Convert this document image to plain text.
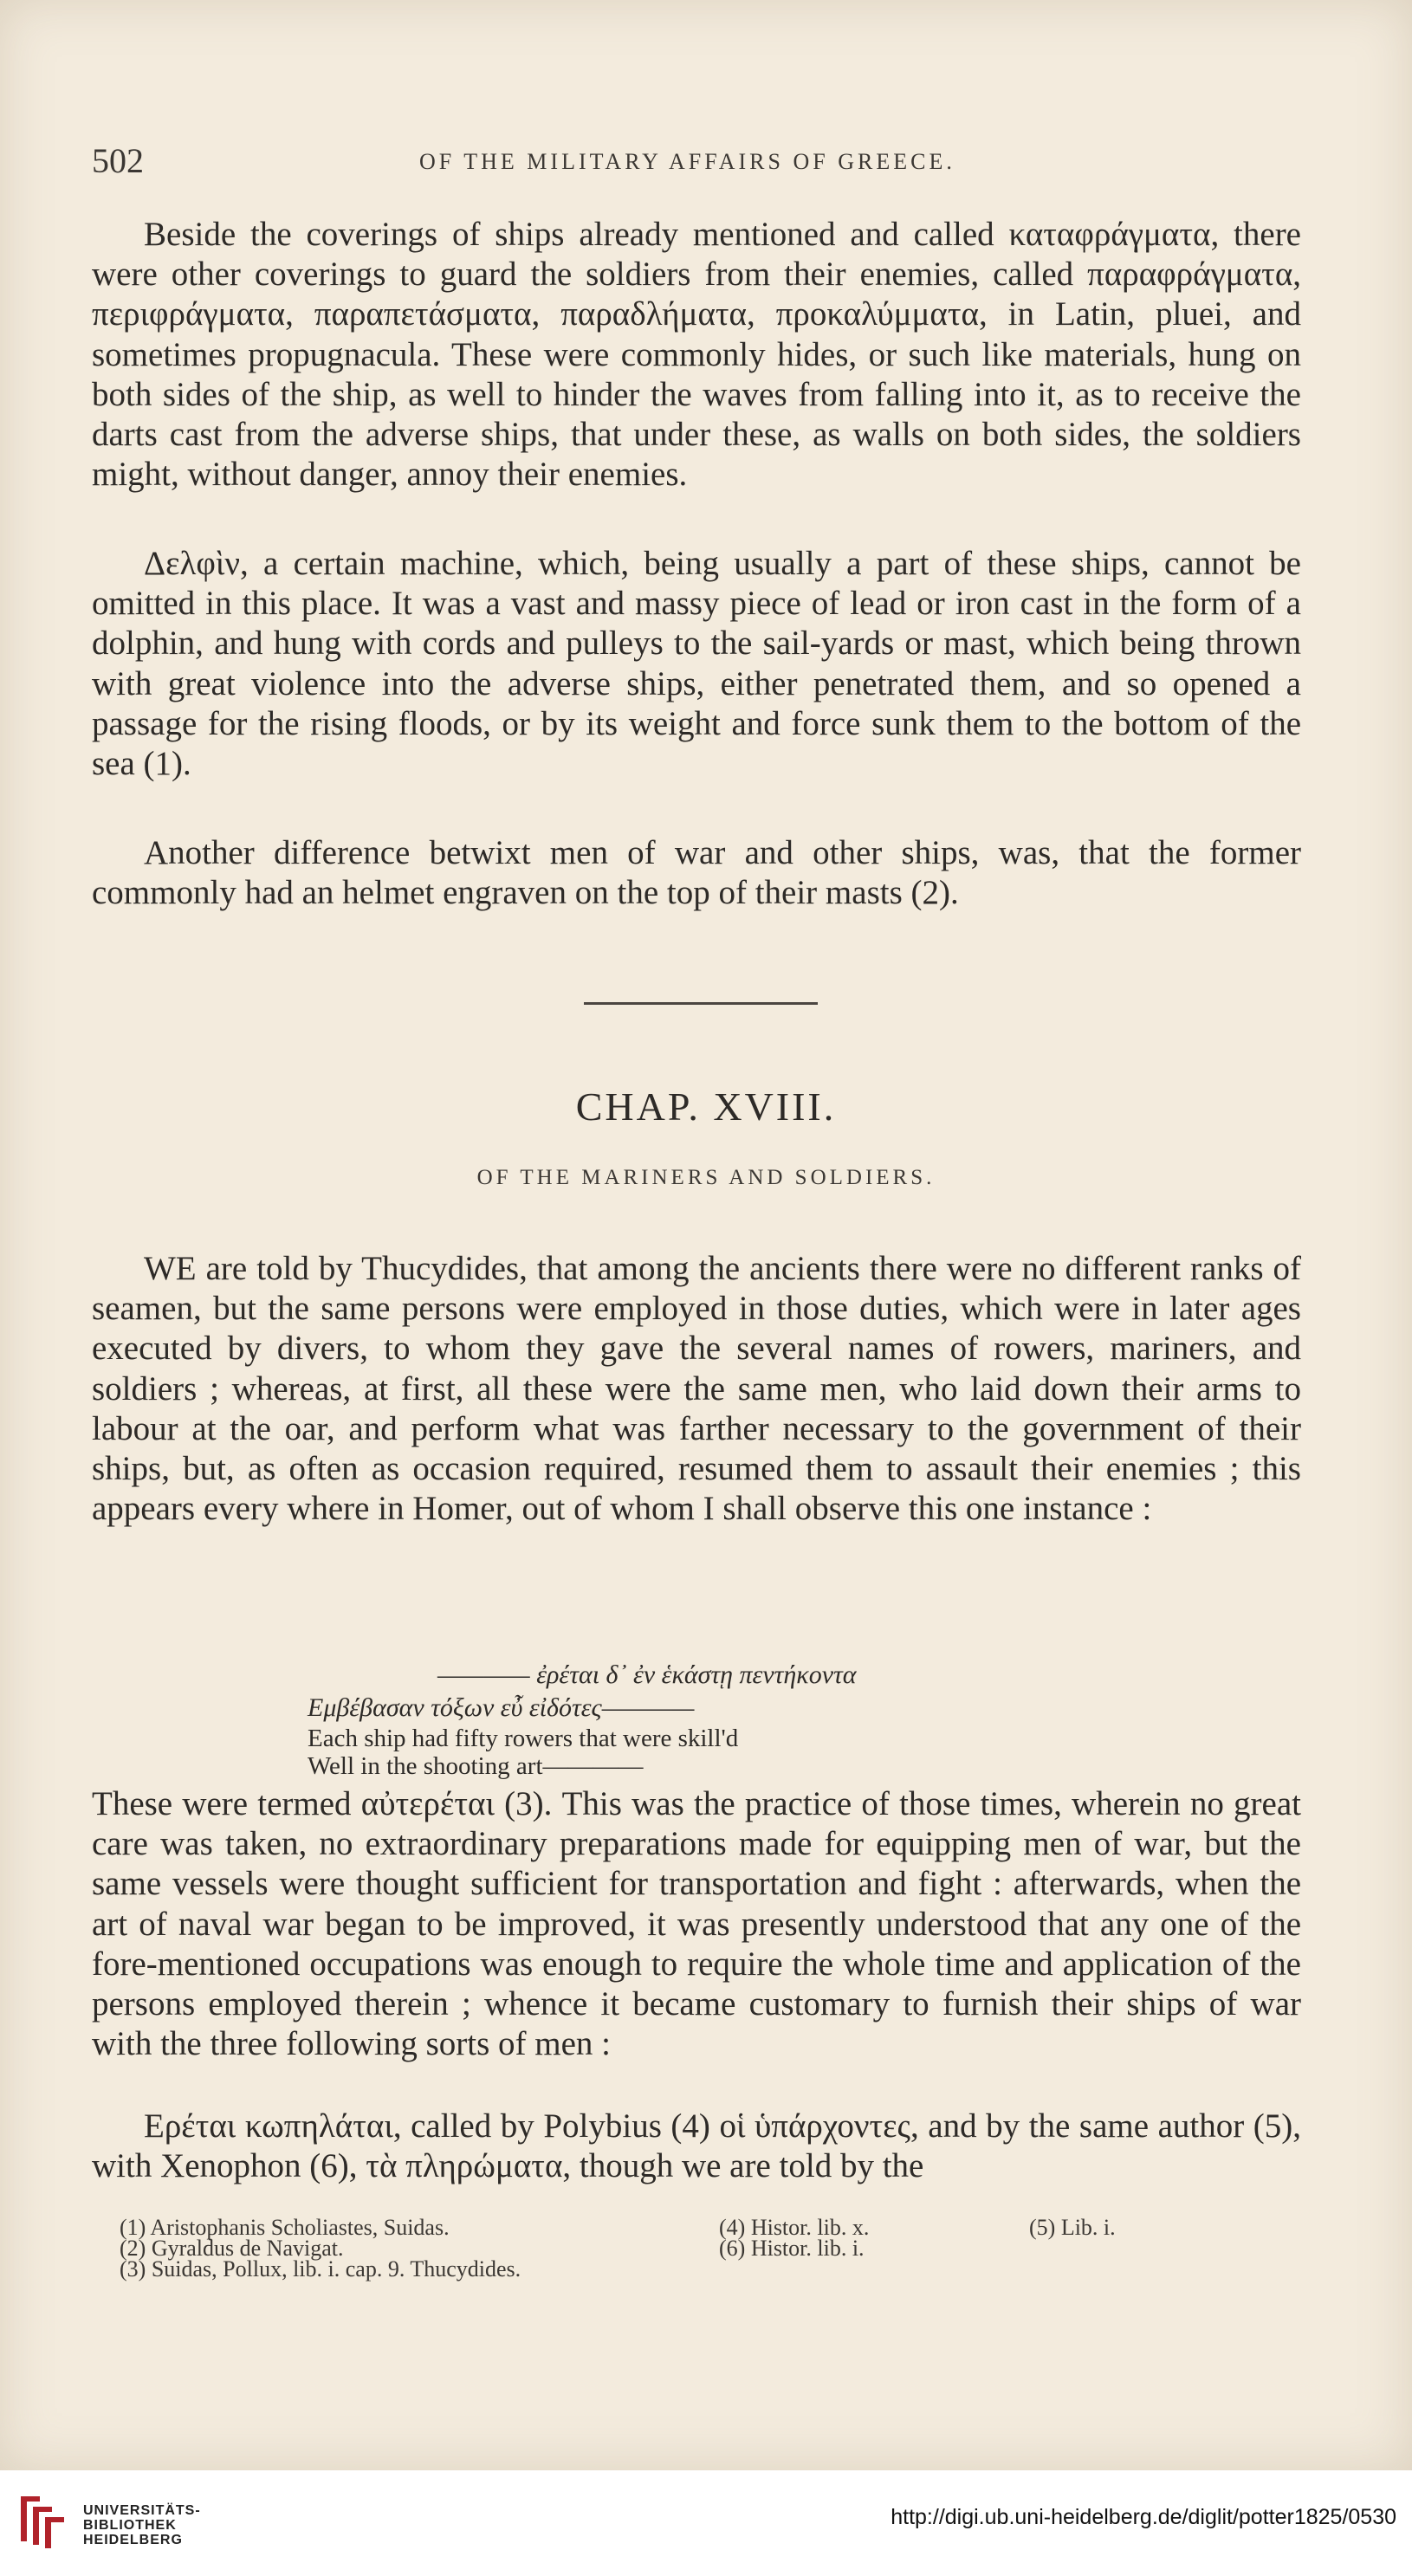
502	OF THE MILITARY AFFAIRS OF GREECE.

Beside the coverings of ships already mentioned and called καταφράγματα, there were other coverings to guard the soldiers from their enemies, called παραφράγματα, περιφράγματα, παραπετάσματα, παραδλήματα, προκαλύμματα, in Latin, pluei, and sometimes propugnacula. These were commonly hides, or such like materials, hung on both sides of the ship, as well to hinder the waves from falling into it, as to receive the darts cast from the adverse ships, that under these, as walls on both sides, the soldiers might, without danger, annoy their enemies.

Δελφὶν, a certain machine, which, being usually a part of these ships, cannot be omitted in this place. It was a vast and massy piece of lead or iron cast in the form of a dolphin, and hung with cords and pulleys to the sail-yards or mast, which being thrown with great violence into the adverse ships, either penetrated them, and so opened a passage for the rising floods, or by its weight and force sunk them to the bottom of the sea (1).

Another difference betwixt men of war and other ships, was, that the former commonly had an helmet engraven on the top of their masts (2).

CHAP. XVIII.
OF THE MARINERS AND SOLDIERS.

WE are told by Thucydides, that among the ancients there were no different ranks of seamen, but the same persons were employed in those duties, which were in later ages executed by divers, to whom they gave the several names of rowers, mariners, and soldiers ; whereas, at first, all these were the same men, who laid down their arms to labour at the oar, and perform what was farther necessary to the government of their ships, but, as often as occasion required, resumed them to assault their enemies ; this appears every where in Homer, out of whom I shall observe this one instance :

———— ἐρέται δ᾽ ἐν ἑκάστῃ πεντήκοντα
Εμβέβασαν τόξων εὖ εἰδότες————
Each ship had fifty rowers that were skill'd
Well in the shooting art————

These were termed αὐτερέται (3). This was the practice of those times, wherein no great care was taken, no extraordinary preparations made for equipping men of war, but the same vessels were thought sufficient for transportation and fight : afterwards, when the art of naval war began to be improved, it was presently understood that any one of the fore-mentioned occupations was enough to require the whole time and application of the persons employed therein ; whence it became customary to furnish their ships of war with the three following sorts of men :

Ερέται κωπηλάται, called by Polybius (4) οἱ ὑπάρχοντες, and by the same author (5), with Xenophon (6), τὰ πληρώματα, though we are told by the

(1) Aristophanis Scholiastes, Suidas.
(2) Gyraldus de Navigat.
(3) Suidas, Pollux, lib. i. cap. 9. Thucydides.
(4) Histor. lib. x.	(5) Lib. i.
(6) Histor. lib. i.
UNIVERSITÄTS-
BIBLIOTHEK
HEIDELBERG
http://digi.ub.uni-heidelberg.de/diglit/potter1825/0530
